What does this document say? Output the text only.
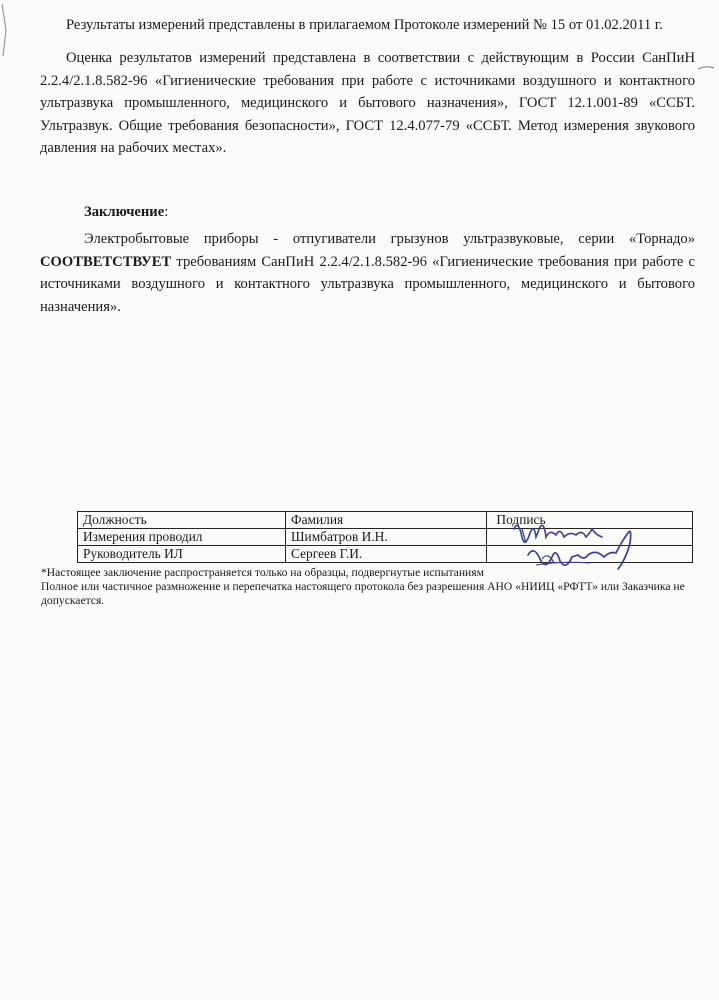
Результаты измерений представлены в прилагаемом Протоколе измерений № 15 от 01.02.2011 г.
Оценка результатов измерений представлена в соответствии с действующим в России СанПиН 2.2.4/2.1.8.582-96 «Гигиенические требования при работе с источниками воздушного и контактного ультразвука промышленного, медицинского и бытового назначения», ГОСТ 12.1.001-89 «ССБТ. Ультразвук. Общие требования безопасности», ГОСТ 12.4.077-79 «ССБТ. Метод измерения звукового давления на рабочих местах».
Заключение:
Электробытовые приборы - отпугиватели грызунов ультразвуковые, серии «Торнадо» СООТВЕТСТВУЕТ требованиям СанПиН 2.2.4/2.1.8.582-96 «Гигиенические требования при работе с источниками воздушного и контактного ультразвука промышленного, медицинского и бытового назначения».
Должность	Фамилия	Подпись
Измерения проводил	Шимбатров И.Н.	
Руководитель ИЛ	Сергеев Г.И.	
*Настоящее заключение распространяется только на образцы, подвергнутые испытаниям
Полное или частичное размножение и перепечатка настоящего протокола без разрешения АНО «НИИЦ «РФТТ» или Заказчика не допускается.
